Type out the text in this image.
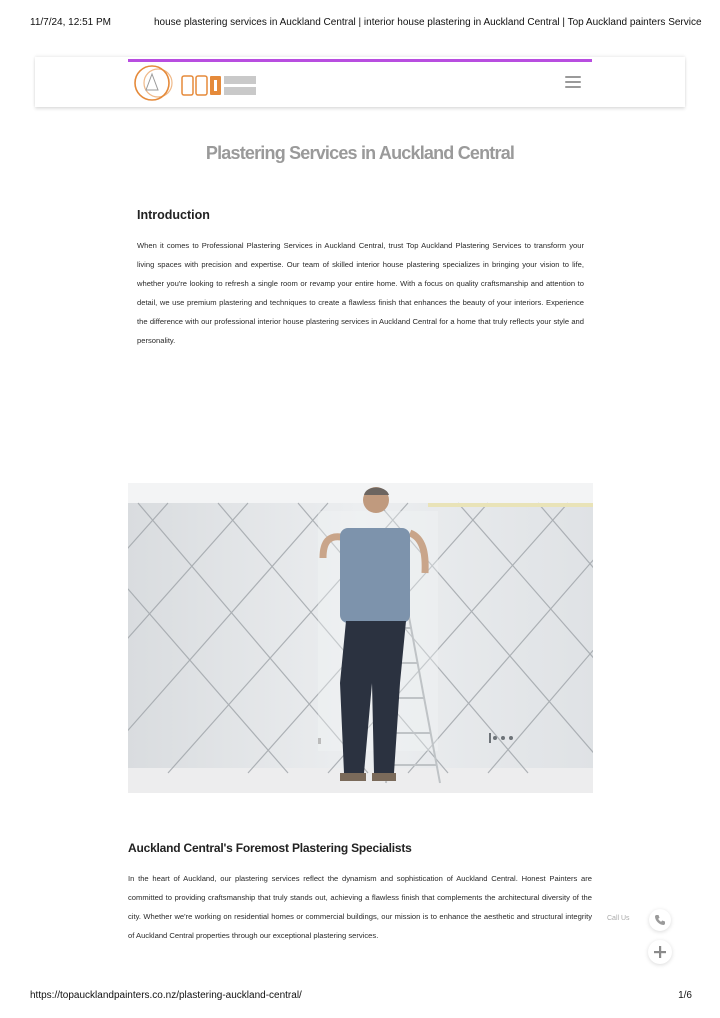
11/7/24, 12:51 PM	house plastering services in Auckland Central | interior house plastering in Auckland Central | Top Auckland painters Service
Plastering Services in Auckland Central
Introduction

When it comes to Professional Plastering Services in Auckland Central, trust Top Auckland Plastering Services to transform your living spaces with precision and expertise. Our team of skilled interior house plastering specializes in bringing your vision to life, whether you're looking to refresh a single room or revamp your entire home. With a focus on quality craftsmanship and attention to detail, we use premium plastering and techniques to create a flawless finish that enhances the beauty of your interiors. Experience the difference with our professional interior house plastering services in Auckland Central for a home that truly reflects your style and personality.

Auckland Central's Foremost Plastering Specialists

In the heart of Auckland, our plastering services reflect the dynamism and sophistication of Auckland Central. Honest Painters are committed to providing craftsmanship that truly stands out, achieving a flawless finish that complements the architectural diversity of the city. Whether we're working on residential homes or commercial buildings, our mission is to enhance the aesthetic and structural integrity of Auckland Central properties through our exceptional plastering services.

Call Us
https://topaucklandpainters.co.nz/plastering-auckland-central/	1/6
